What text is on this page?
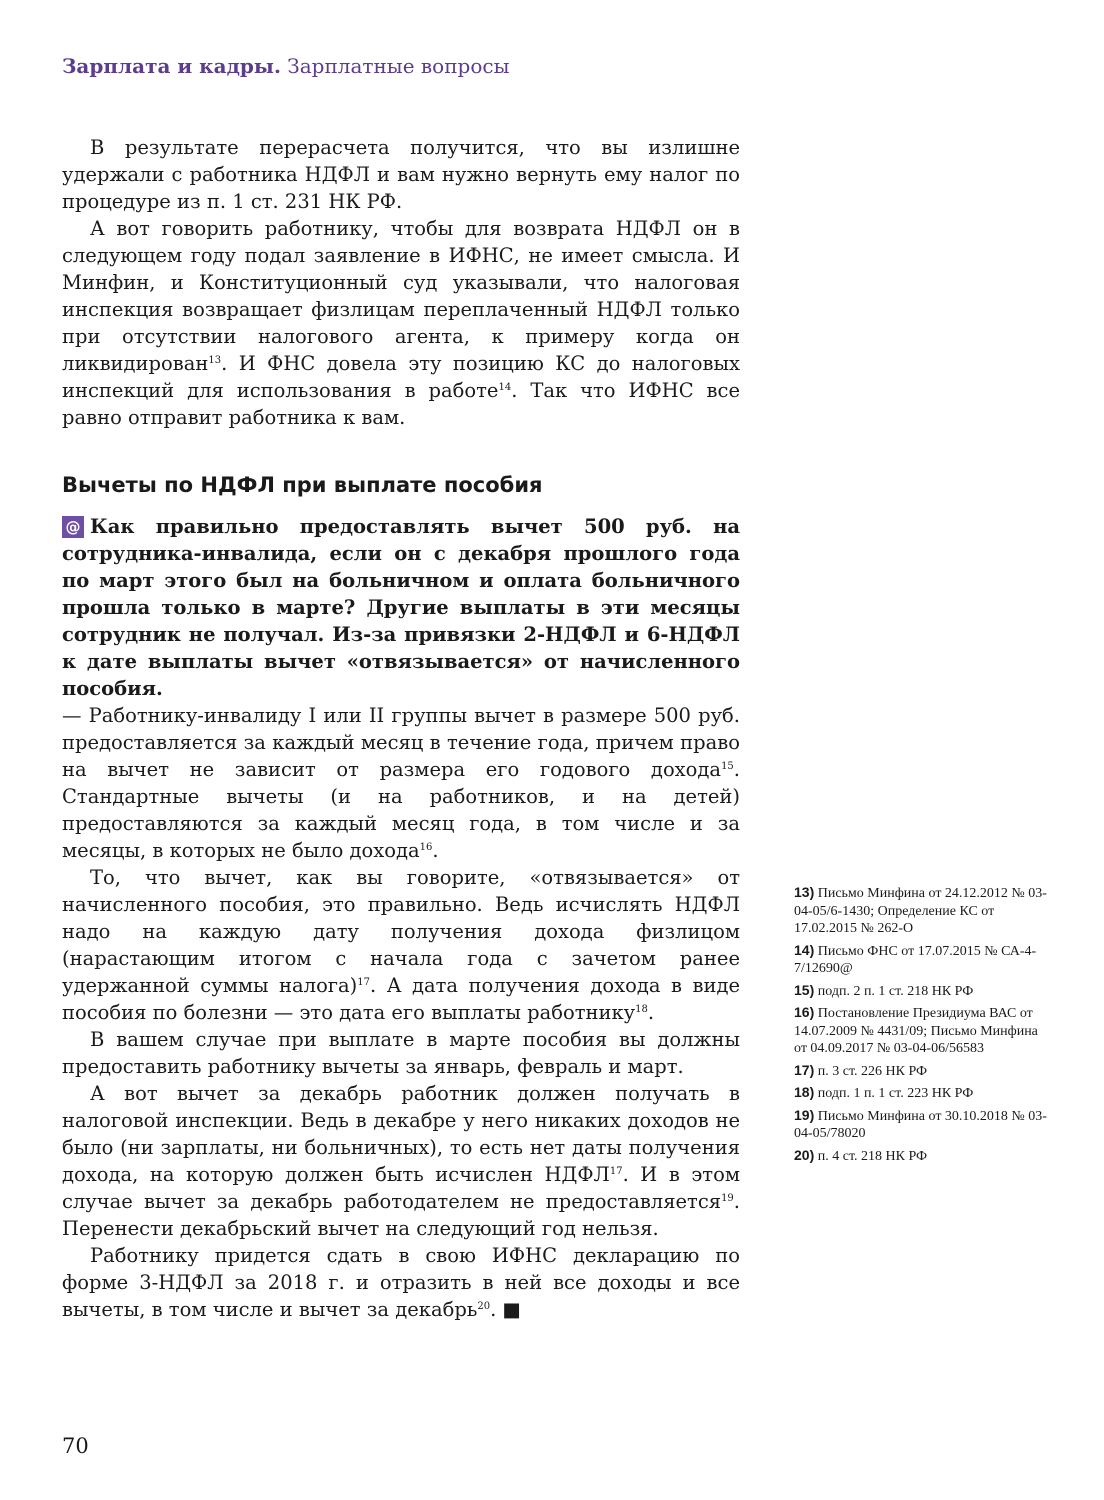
Зарплата и кадры. Зарплатные вопросы

В результате перерасчета получится, что вы излишне удержали с работника НДФЛ и вам нужно вернуть ему налог по процедуре из п. 1 ст. 231 НК РФ.

А вот говорить работнику, чтобы для возврата НДФЛ он в следующем году подал заявление в ИФНС, не имеет смысла. И Минфин, и Конституционный суд указывали, что налоговая инспекция возвращает физлицам переплаченный НДФЛ только при отсутствии налогового агента, к примеру когда он ликвидирован$^{13}$. И ФНС довела эту позицию КС до налоговых инспекций для использования в работе$^{14}$. Так что ИФНС все равно отправит работника к вам.

Вычеты по НДФЛ при выплате пособия

@ Как правильно предоставлять вычет 500 руб. на сотрудника-инвалида, если он с декабря прошлого года по март этого был на больничном и оплата больничного прошла только в марте? Другие выплаты в эти месяцы сотрудник не получал. Из-за привязки 2-НДФЛ и 6-НДФЛ к дате выплаты вычет «отвязывается» от начисленного пособия.

— Работнику-инвалиду I или II группы вычет в размере 500 руб. предоставляется за каждый месяц в течение года, причем право на вычет не зависит от размера его годового дохода$^{15}$. Стандартные вычеты (и на работников, и на детей) предоставляются за каждый месяц года, в том числе и за месяцы, в которых не было дохода$^{16}$.

То, что вычет, как вы говорите, «отвязывается» от начисленного пособия, это правильно. Ведь исчислять НДФЛ надо на каждую дату получения дохода физлицом (нарастающим итогом с начала года с зачетом ранее удержанной суммы налога)$^{17}$. А дата получения дохода в виде пособия по болезни — это дата его выплаты работнику$^{18}$.

В вашем случае при выплате в марте пособия вы должны предоставить работнику вычеты за январь, февраль и март.

А вот вычет за декабрь работник должен получать в налоговой инспекции. Ведь в декабре у него никаких доходов не было (ни зарплаты, ни больничных), то есть нет даты получения дохода, на которую должен быть исчислен НДФЛ$^{17}$. И в этом случае вычет за декабрь работодателем не предоставляется$^{19}$. Перенести декабрьский вычет на следующий год нельзя.

Работнику придется сдать в свою ИФНС декларацию по форме 3-НДФЛ за 2018 г. и отразить в ней все доходы и все вычеты, в том числе и вычет за декабрь$^{20}$. ■

13) Письмо Минфина от 24.12.2012 № 03-04-05/6-1430; Определение КС от 17.02.2015 № 262-О
14) Письмо ФНС от 17.07.2015 № СА-4-7/12690@
15) подп. 2 п. 1 ст. 218 НК РФ
16) Постановление Президиума ВАС от 14.07.2009 № 4431/09; Письмо Минфина от 04.09.2017 № 03-04-06/56583
17) п. 3 ст. 226 НК РФ
18) подп. 1 п. 1 ст. 223 НК РФ
19) Письмо Минфина от 30.10.2018 № 03-04-05/78020
20) п. 4 ст. 218 НК РФ
70
